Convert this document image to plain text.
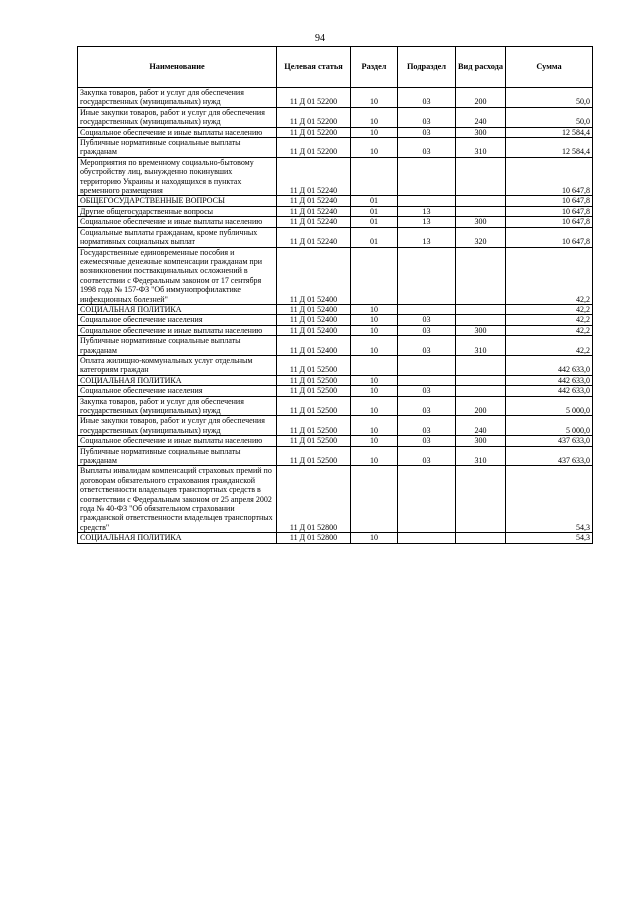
94
Наименование	Целевая статья	Раздел	Подраздел	Вид расхода	Сумма
Закупка товаров, работ и услуг для обеспечения государственных (муниципальных) нужд	11 Д 01 52200	10	03	200	50,0
Иные закупки товаров, работ и услуг для обеспечения государственных (муниципальных) нужд	11 Д 01 52200	10	03	240	50,0
Социальное обеспечение и иные выплаты населению	11 Д 01 52200	10	03	300	12 584,4
Публичные нормативные социальные выплаты гражданам	11 Д 01 52200	10	03	310	12 584,4
Мероприятия по временному социально-бытовому обустройству лиц, вынужденно покинувших территорию Украины и находящихся в пунктах временного размещения	11 Д 01 52240				10 647,8
ОБЩЕГОСУДАРСТВЕННЫЕ ВОПРОСЫ	11 Д 01 52240	01			10 647,8
Другие общегосударственные вопросы	11 Д 01 52240	01	13		10 647,8
Социальное обеспечение и иные выплаты населению	11 Д 01 52240	01	13	300	10 647,8
Социальные выплаты гражданам, кроме публичных нормативных социальных выплат	11 Д 01 52240	01	13	320	10 647,8
Государственные единовременные пособия и ежемесячные денежные компенсации гражданам при возникновении поствакцинальных осложнений в соответствии с Федеральным законом от 17 сентября 1998 года № 157-ФЗ "Об иммунопрофилактике инфекционных болезней"	11 Д 01 52400				42,2
СОЦИАЛЬНАЯ ПОЛИТИКА	11 Д 01 52400	10			42,2
Социальное обеспечение населения	11 Д 01 52400	10	03		42,2
Социальное обеспечение и иные выплаты населению	11 Д 01 52400	10	03	300	42,2
Публичные нормативные социальные выплаты гражданам	11 Д 01 52400	10	03	310	42,2
Оплата жилищно-коммунальных услуг отдельным категориям граждан	11 Д 01 52500				442 633,0
СОЦИАЛЬНАЯ ПОЛИТИКА	11 Д 01 52500	10			442 633,0
Социальное обеспечение населения	11 Д 01 52500	10	03		442 633,0
Закупка товаров, работ и услуг для обеспечения государственных (муниципальных) нужд	11 Д 01 52500	10	03	200	5 000,0
Иные закупки товаров, работ и услуг для обеспечения государственных (муниципальных) нужд	11 Д 01 52500	10	03	240	5 000,0
Социальное обеспечение и иные выплаты населению	11 Д 01 52500	10	03	300	437 633,0
Публичные нормативные социальные выплаты гражданам	11 Д 01 52500	10	03	310	437 633,0
Выплаты инвалидам компенсаций страховых премий по договорам обязательного страхования гражданской ответственности владельцев транспортных средств в соответствии с Федеральным законом от 25 апреля 2002 года № 40-ФЗ "Об обязательном страховании гражданской ответственности владельцев транспортных средств"	11 Д 01 52800				54,3
СОЦИАЛЬНАЯ ПОЛИТИКА	11 Д 01 52800	10			54,3
